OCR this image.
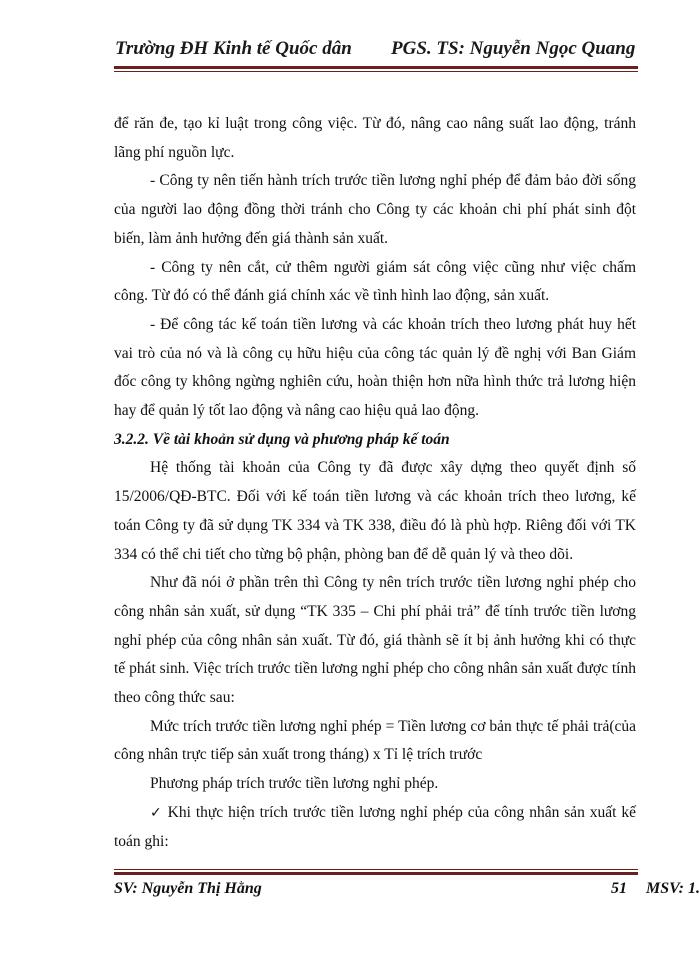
Trường ĐH Kinh tế Quốc dân PGS. TS: Nguyễn Ngọc Quang

để răn đe, tạo kỉ luật trong công việc. Từ đó, nâng cao nâng suất lao động, tránh lãng phí nguồn lực.

- Công ty nên tiến hành trích trước tiền lương nghỉ phép để đảm bảo đời sống của người lao động đồng thời tránh cho Công ty các khoản chi phí phát sinh đột biến, làm ảnh hưởng đến giá thành sản xuất.

- Công ty nên cắt, cử thêm người giám sát công việc cũng như việc chấm công. Từ đó có thể đánh giá chính xác về tình hình lao động, sản xuất.

- Để công tác kế toán tiền lương và các khoản trích theo lương phát huy hết vai trò của nó và là công cụ hữu hiệu của công tác quản lý đề nghị với Ban Giám đốc công ty không ngừng nghiên cứu, hoàn thiện hơn nữa hình thức trả lương hiện hay để quản lý tốt lao động và nâng cao hiệu quả lao động.

3.2.2. Về tài khoản sử dụng và phương pháp kế toán

Hệ thống tài khoản của Công ty đã được xây dựng theo quyết định số 15/2006/QĐ-BTC. Đối với kế toán tiền lương và các khoản trích theo lương, kế toán Công ty đã sử dụng TK 334 và TK 338, điều đó là phù hợp. Riêng đối với TK 334 có thể chi tiết cho từng bộ phận, phòng ban để dễ quản lý và theo dõi.

Như đã nói ở phần trên thì Công ty nên trích trước tiền lương nghỉ phép cho công nhân sản xuất, sử dụng “TK 335 – Chi phí phải trả” để tính trước tiền lương nghỉ phép của công nhân sản xuất. Từ đó, giá thành sẽ ít bị ảnh hưởng khi có thực tế phát sinh. Việc trích trước tiền lương nghỉ phép cho công nhân sản xuất được tính theo công thức sau:

Mức trích trước tiền lương nghỉ phép = Tiền lương cơ bản thực tế phải trả(của công nhân trực tiếp sản xuất trong tháng) x Tỉ lệ trích trước

Phương pháp trích trước tiền lương nghỉ phép.

✓ Khi thực hiện trích trước tiền lương nghỉ phép của công nhân sản xuất kế toán ghi:

SV: Nguyễn Thị Hằng	51 MSV: 1.
